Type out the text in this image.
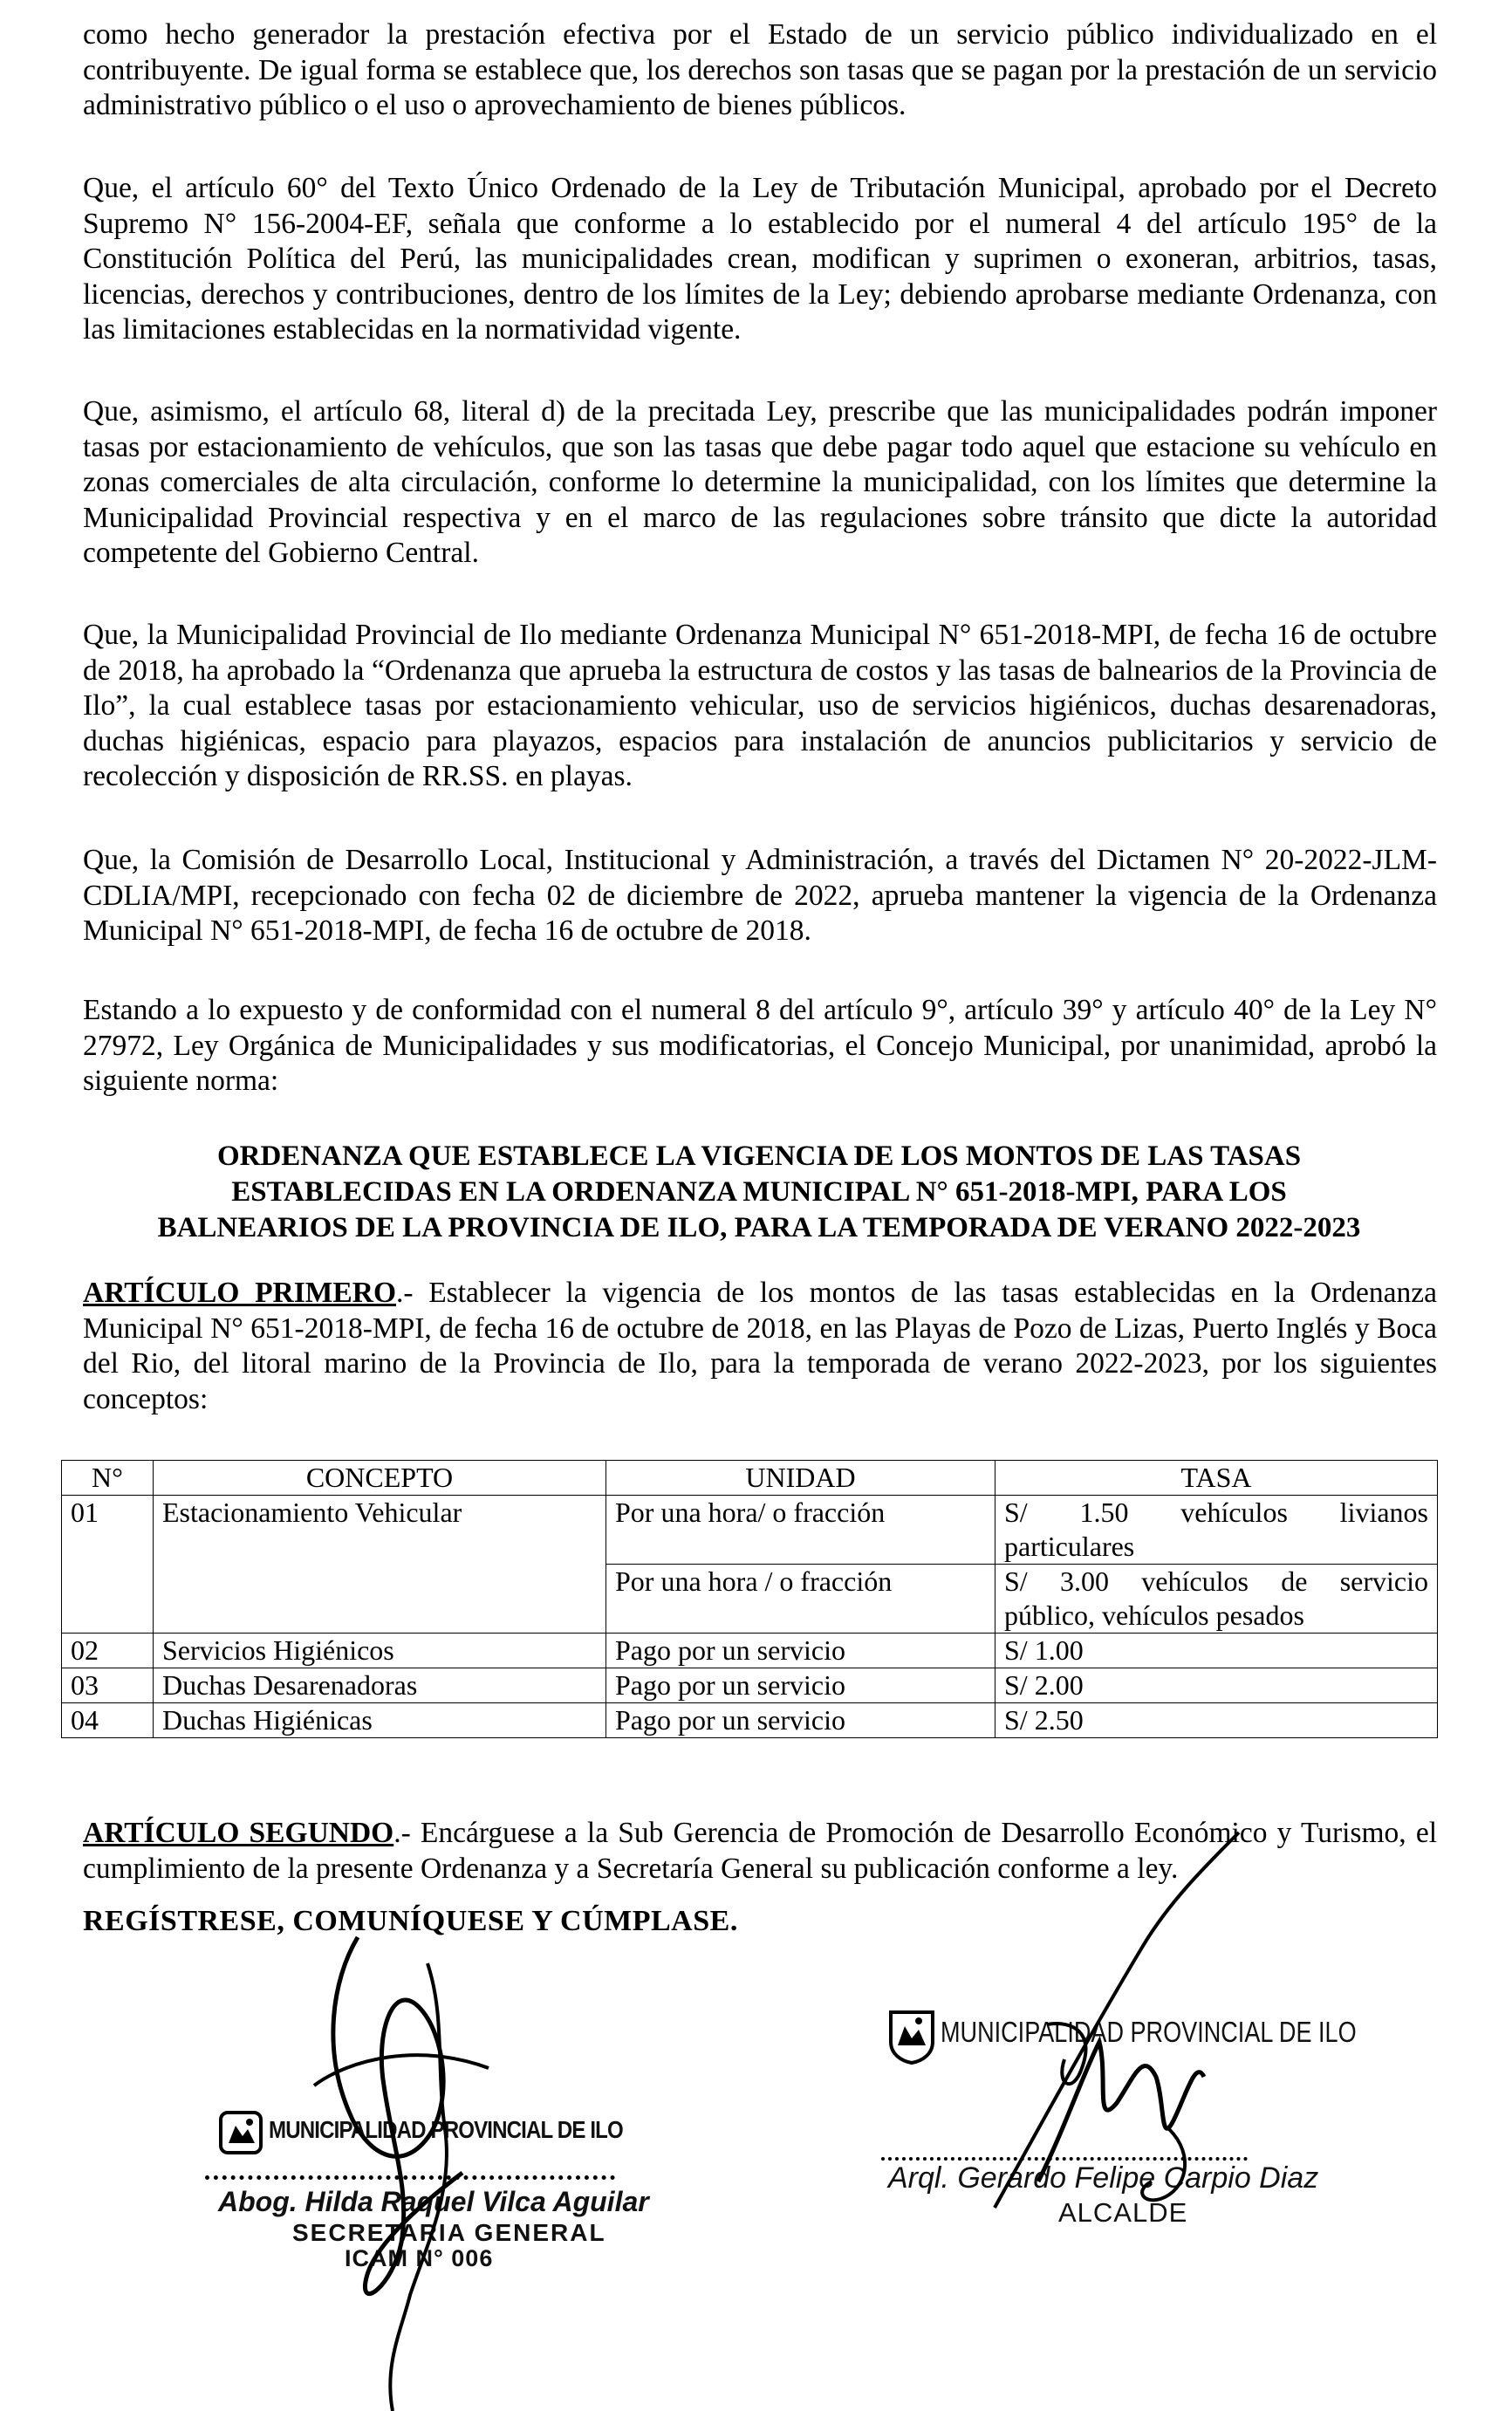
como hecho generador la prestación efectiva por el Estado de un servicio público individualizado en el contribuyente. De igual forma se establece que, los derechos son tasas que se pagan por la prestación de un servicio administrativo público o el uso o aprovechamiento de bienes públicos.

Que, el artículo 60° del Texto Único Ordenado de la Ley de Tributación Municipal, aprobado por el Decreto Supremo N° 156-2004-EF, señala que conforme a lo establecido por el numeral 4 del artículo 195° de la Constitución Política del Perú, las municipalidades crean, modifican y suprimen o exoneran, arbitrios, tasas, licencias, derechos y contribuciones, dentro de los límites de la Ley; debiendo aprobarse mediante Ordenanza, con las limitaciones establecidas en la normatividad vigente.

Que, asimismo, el artículo 68, literal d) de la precitada Ley, prescribe que las municipalidades podrán imponer tasas por estacionamiento de vehículos, que son las tasas que debe pagar todo aquel que estacione su vehículo en zonas comerciales de alta circulación, conforme lo determine la municipalidad, con los límites que determine la Municipalidad Provincial respectiva y en el marco de las regulaciones sobre tránsito que dicte la autoridad competente del Gobierno Central.

Que, la Municipalidad Provincial de Ilo mediante Ordenanza Municipal N° 651-2018-MPI, de fecha 16 de octubre de 2018, ha aprobado la “Ordenanza que aprueba la estructura de costos y las tasas de balnearios de la Provincia de Ilo”, la cual establece tasas por estacionamiento vehicular, uso de servicios higiénicos, duchas desarenadoras, duchas higiénicas, espacio para playazos, espacios para instalación de anuncios publicitarios y servicio de recolección y disposición de RR.SS. en playas.

Que, la Comisión de Desarrollo Local, Institucional y Administración, a través del Dictamen N° 20-2022-JLM-CDLIA/MPI, recepcionado con fecha 02 de diciembre de 2022, aprueba mantener la vigencia de la Ordenanza Municipal N° 651-2018-MPI, de fecha 16 de octubre de 2018.

Estando a lo expuesto y de conformidad con el numeral 8 del artículo 9°, artículo 39° y artículo 40° de la Ley N° 27972, Ley Orgánica de Municipalidades y sus modificatorias, el Concejo Municipal, por unanimidad, aprobó la siguiente norma:

ORDENANZA QUE ESTABLECE LA VIGENCIA DE LOS MONTOS DE LAS TASAS

ESTABLECIDAS EN LA ORDENANZA MUNICIPAL N° 651-2018-MPI, PARA LOS

BALNEARIOS DE LA PROVINCIA DE ILO, PARA LA TEMPORADA DE VERANO 2022-2023

ARTÍCULO PRIMERO.- Establecer la vigencia de los montos de las tasas establecidas en la Ordenanza Municipal N° 651-2018-MPI, de fecha 16 de octubre de 2018, en las Playas de Pozo de Lizas, Puerto Inglés y Boca del Rio, del litoral marino de la Provincia de Ilo, para la temporada de verano 2022-2023, por los siguientes conceptos:

N°	CONCEPTO	UNIDAD	TASA
01	Estacionamiento Vehicular	Por una hora/ o fracción	S/ 1.50 vehículos livianos
particulares

		Por una hora / o fracción	S/ 3.00 vehículos de servicio
público, vehículos pesados

02	Servicios Higiénicos	Pago por un servicio	S/ 1.00
03	Duchas Desarenadoras	Pago por un servicio	S/ 2.00
04	Duchas Higiénicas	Pago por un servicio	S/ 2.50

ARTÍCULO SEGUNDO.- Encárguese a la Sub Gerencia de Promoción de Desarrollo Económico y Turismo, el cumplimiento de la presente Ordenanza y a Secretaría General su publicación conforme a ley.

REGÍSTRESE, COMUNÍQUESE Y CÚMPLASE.

MUNICIPALIDAD PROVINCIAL DE ILO
Abog. Hilda Raquel Vilca Aguilar
SECRETARIA GENERAL
ICAM N° 006
MUNICIPALIDAD PROVINCIAL DE ILO
Arql. Gerardo Felipe Carpio Diaz
ALCALDE
